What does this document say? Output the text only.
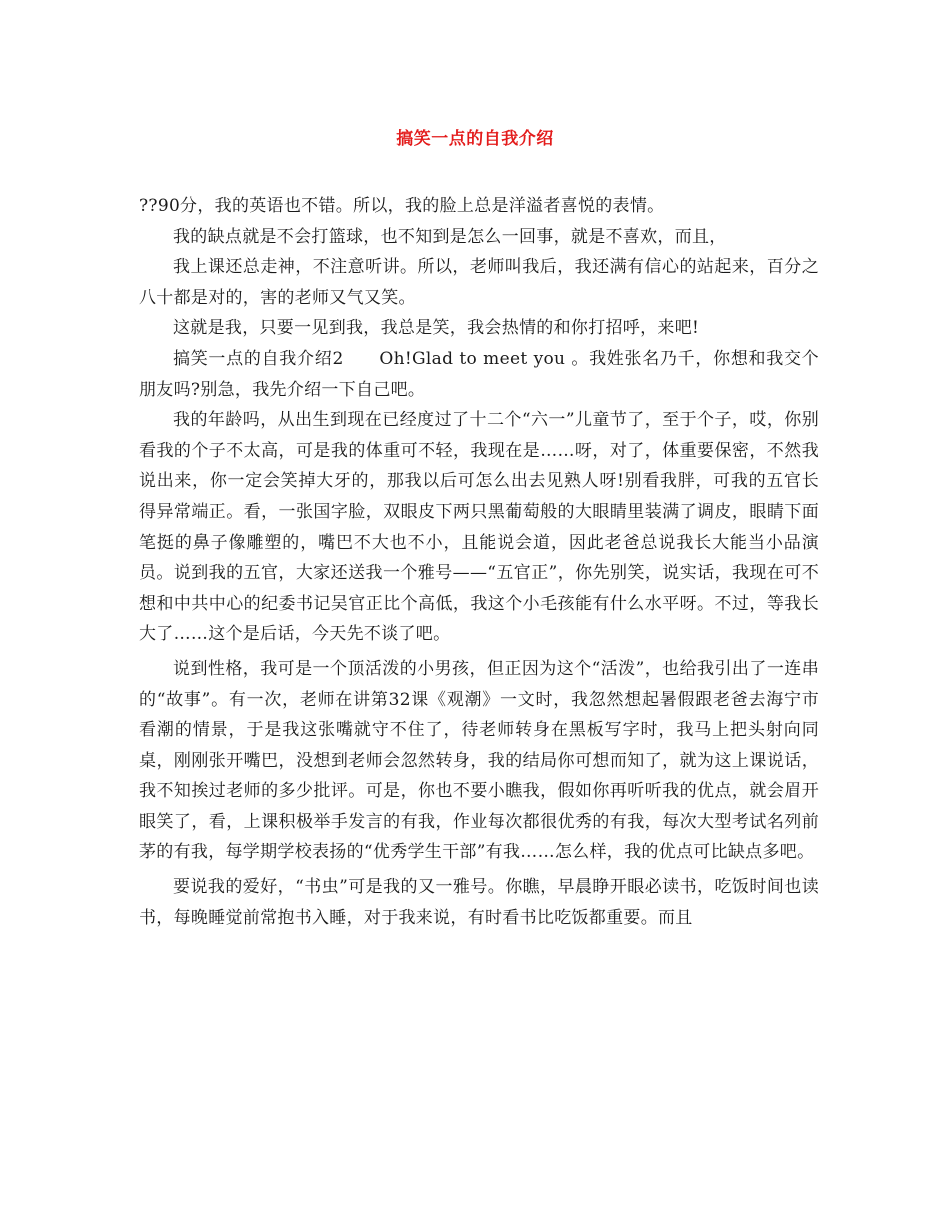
搞笑一点的自我介绍

??90分，我的英语也不错。所以，我的脸上总是洋溢者喜悦的表情。

我的缺点就是不会打篮球，也不知到是怎么一回事，就是不喜欢，而且，

我上课还总走神，不注意听讲。所以，老师叫我后，我还满有信心的站起来，百分之八十都是对的，害的老师又气又笑。

这就是我，只要一见到我，我总是笑，我会热情的和你打招呼，来吧!

搞笑一点的自我介绍2　　Oh!Glad to meet you 。我姓张名乃千，你想和我交个朋友吗?别急，我先介绍一下自己吧。

我的年龄吗，从出生到现在已经度过了十二个“六一”儿童节了，至于个子，哎，你别看我的个子不太高，可是我的体重可不轻，我现在是……呀，对了，体重要保密，不然我说出来，你一定会笑掉大牙的，那我以后可怎么出去见熟人呀!别看我胖，可我的五官长得异常端正。看，一张国字脸，双眼皮下两只黑葡萄般的大眼睛里装满了调皮，眼睛下面笔挺的鼻子像雕塑的，嘴巴不大也不小，且能说会道，因此老爸总说我长大能当小品演员。说到我的五官，大家还送我一个雅号——“五官正”，你先别笑，说实话，我现在可不想和中共中心的纪委书记吴官正比个高低，我这个小毛孩能有什么水平呀。不过，等我长大了……这个是后话，今天先不谈了吧。

说到性格，我可是一个顶活泼的小男孩，但正因为这个“活泼”，也给我引出了一连串的“故事”。有一次，老师在讲第32课《观潮》一文时，我忽然想起暑假跟老爸去海宁市看潮的情景，于是我这张嘴就守不住了，待老师转身在黑板写字时，我马上把头射向同桌，刚刚张开嘴巴，没想到老师会忽然转身，我的结局你可想而知了，就为这上课说话，我不知挨过老师的多少批评。可是，你也不要小瞧我，假如你再听听我的优点，就会眉开眼笑了，看，上课积极举手发言的有我，作业每次都很优秀的有我，每次大型考试名列前茅的有我，每学期学校表扬的“优秀学生干部”有我……怎么样，我的优点可比缺点多吧。

要说我的爱好，“书虫”可是我的又一雅号。你瞧，早晨睁开眼必读书，吃饭时间也读书，每晚睡觉前常抱书入睡，对于我来说，有时看书比吃饭都重要。而且
